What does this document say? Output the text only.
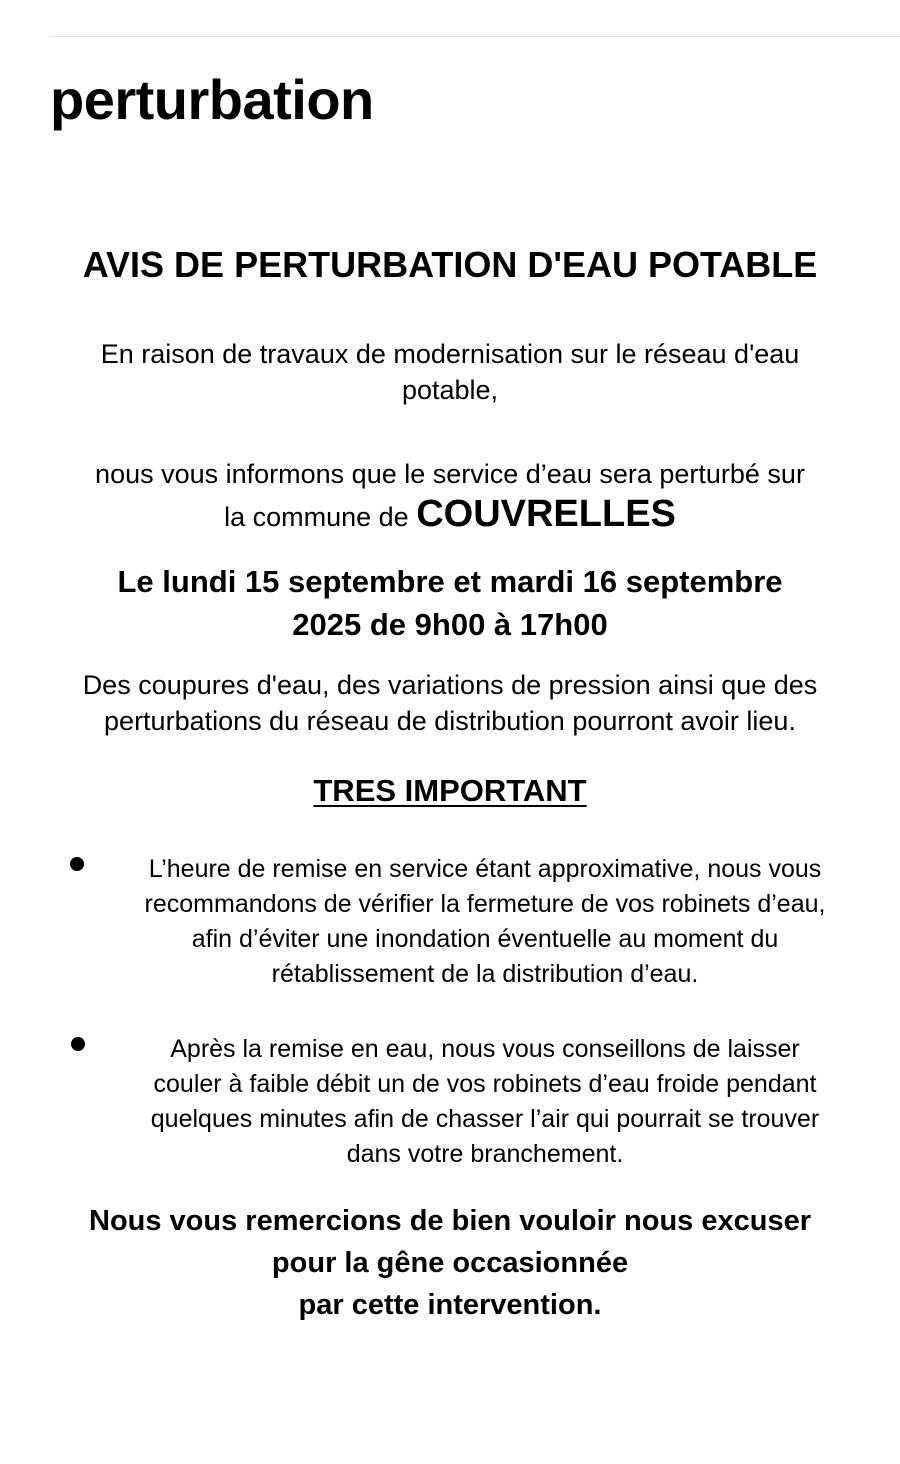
perturbation
AVIS DE PERTURBATION D'EAU POTABLE

En raison de travaux de modernisation sur le réseau d'eau
potable,

nous vous informons que le service d’eau sera perturbé sur
la commune de COUVRELLES

Le lundi 15 septembre et mardi 16 septembre
2025 de 9h00 à 17h00

Des coupures d'eau, des variations de pression ainsi que des
perturbations du réseau de distribution pourront avoir lieu.

TRES IMPORTANT

L’heure de remise en service étant approximative, nous vous
recommandons de vérifier la fermeture de vos robinets d’eau,
afin d’éviter une inondation éventuelle au moment du
rétablissement de la distribution d’eau.

Après la remise en eau, nous vous conseillons de laisser
couler à faible débit un de vos robinets d’eau froide pendant
quelques minutes afin de chasser l’air qui pourrait se trouver
dans votre branchement.

Nous vous remercions de bien vouloir nous excuser
pour la gêne occasionnée
par cette intervention.
